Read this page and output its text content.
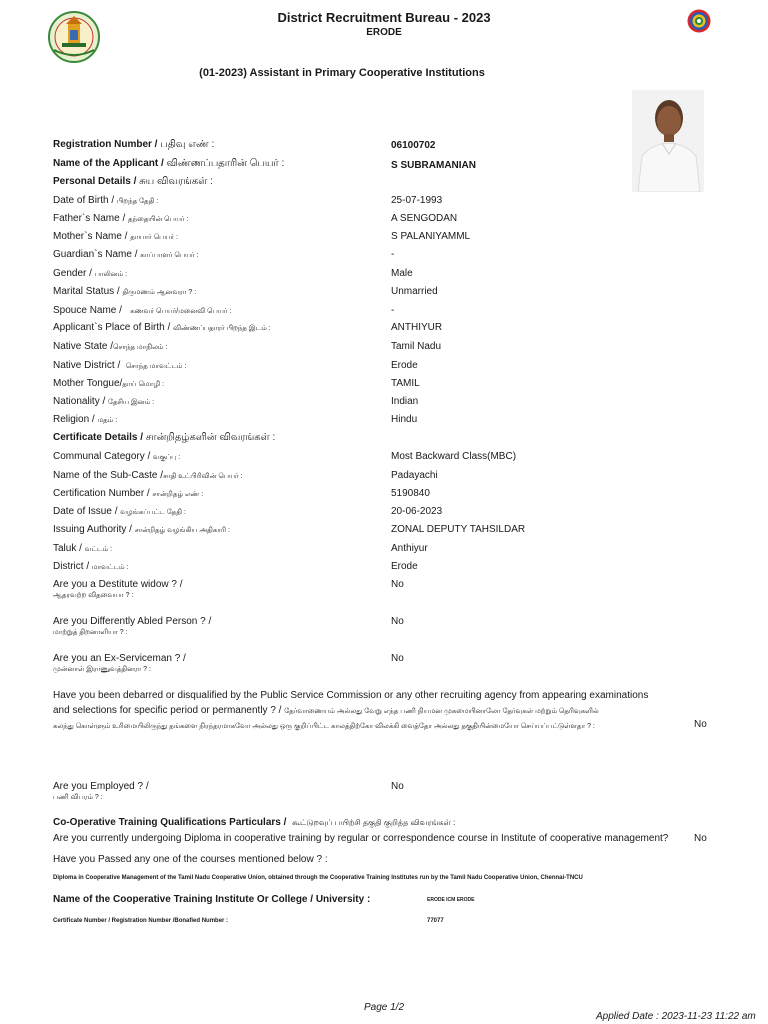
District Recruitment Bureau - 2023
ERODE
(01-2023) Assistant in Primary Cooperative Institutions
Registration Number / பதிவு எண் :	06100702
Name of the Applicant / விண்ணப்பதாரின் பெயர் :	S SUBRAMANIAN
Personal Details / சுய விவரங்கள் :
Date of Birth / பிறந்த தேதி :	25-07-1993
Father`s Name / தந்தையின் பெயர் :	A SENGODAN
Mother`s Name / தாயார் பெயர் :	S PALANIYAMML
Guardian`s Name / காப்பாளர் பெயர் :	-
Gender / பாலினம் :	Male
Marital Status / திருமணம் ஆனவரா ? :	Unmarried
Spouce Name / கணவர் பெயர்/மனைவி பெயர் :	-
Applicant`s Place of Birth / விண்ணப்பதாரர் பிறந்த இடம் :	ANTHIYUR
Native State /சொந்த மாநிலம் :	Tamil Nadu
Native District / சொந்த மாவட்டம் :	Erode
Mother Tongue/தாய் மொழி :	TAMIL
Nationality / தேசிய இனம் :	Indian
Religion / மதம் :	Hindu
Certificate Details / சான்றிதழ்களின் விவரங்கள் :
Communal Category / வகுப்பு :	Most Backward Class(MBC)
Name of the Sub-Caste /சாதி உட்பிரிவின் பெயர் :	Padayachi
Certification Number / சான்றிதழ் எண் :	5190840
Date of Issue / வழங்கப்பட்ட தேதி :	20-06-2023
Issuing Authority / சான்றிதழ் வழங்கிய அதிகாரி :	ZONAL DEPUTY TAHSILDAR
Taluk / வட்டம் :	Anthiyur
District / மாவட்டம் :	Erode
Are you a Destitute widow ? /
ஆதரவற்ற விதவையா ? :
No
Are you Differently Abled Person ? /
மாற்றுத் திறனாளியா ? :
No
Are you an Ex-Serviceman ? /
முன்னாள் இராணுவத்தினரா ? :
No
Have you been debarred or disqualified by the Public Service Commission or any other recruiting agency from appearing examinations
and selections for specific period or permanently ? / தேர்வாணையம் அல்லது வேறு எந்த பணி நியமன முகமையினாலோ தேர்வுகள் மற்றும் தெரிவுகளில்
கலந்து கொள்ளும் உரிமையிலிருந்து தங்களை நிரந்தரமாகவோ அல்லது ஒரு குறிப்பிட்ட காலத்திற்கோ விலக்கி வைத்தோ அல்லது தகுதியின்மையோ செய்யப்பட்டுள்ளதா ? :	No
Are you Employed ? /
பணி விபரம் ? :
No
Co-Operative Training Qualifications Particulars / கூட்டுறவுப் பயிற்சி தகுதி குறித்த விவரங்கள் :
Are you currently undergoing Diploma in cooperative training by regular or correspondence course in Institute of cooperative management?	No
Have you Passed any one of the courses mentioned below ? :
Diploma in Cooperative Management of the Tamil Nadu Cooperative Union, obtained through the Cooperative Training Institutes run by the Tamil Nadu Cooperative Union, Chennai-TNCU
Name of the Cooperative Training Institute Or College / University :	ERODE ICM ERODE
Certificate Number / Registration Number /Bonafied Number :	77077
Page 1/2
Applied Date : 2023-11-23 11:22 am
